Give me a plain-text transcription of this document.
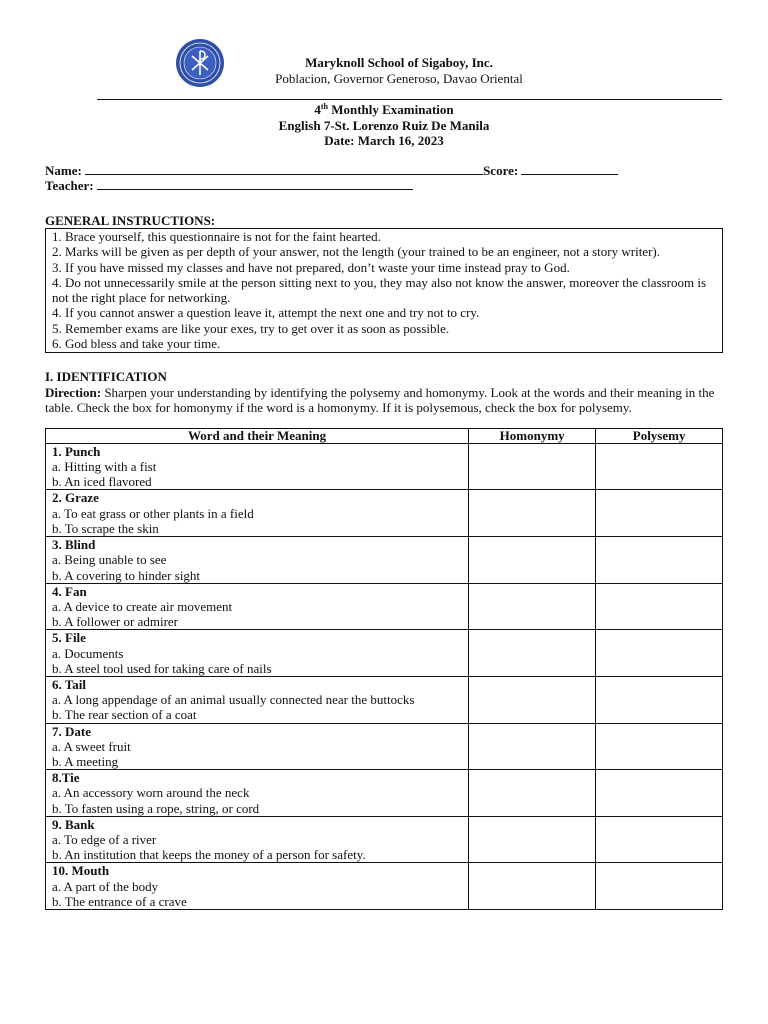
Maryknoll School of Sigaboy, Inc.
Poblacion, Governor Generoso, Davao Oriental
4th Monthly Examination
English 7-St. Lorenzo Ruiz De Manila
Date: March 16, 2023
Name:	Score:
Teacher:
GENERAL INSTRUCTIONS:
1. Brace yourself, this questionnaire is not for the faint hearted.
2. Marks will be given as per depth of your answer, not the length (your trained to be an engineer, not a story writer).
3. If you have missed my classes and have not prepared, don’t waste your time instead pray to God.
4. Do not unnecessarily smile at the person sitting next to you, they may also not know the answer, moreover the classroom is not the right place for networking.
4. If you cannot answer a question leave it, attempt the next one and try not to cry.
5. Remember exams are like your exes, try to get over it as soon as possible.
6. God bless and take your time.
I. IDENTIFICATION
Direction: Sharpen your understanding by identifying the polysemy and homonymy. Look at the words and their meaning in the table. Check the box for homonymy if the word is a homonymy. If it is polysemous, check the box for polysemy.
Word and their Meaning	Homonymy	Polysemy

1. Punch
a. Hitting with a fist
b. An iced flavored		

2. Graze
a. To eat grass or other plants in a field
b. To scrape the skin		

3. Blind
a. Being unable to see
b. A covering to hinder sight		

4. Fan
a. A device to create air movement
b. A follower or admirer		

5. File
a. Documents
b. A steel tool used for taking care of nails		

6. Tail
a. A long appendage of an animal usually connected near the buttocks
b. The rear section of a coat		

7. Date
a. A sweet fruit
b. A meeting		

8.Tie
a. An accessory worn around the neck
b. To fasten using a rope, string, or cord		

9. Bank
a. To edge of a river
b. An institution that keeps the money of a person for safety.		

10. Mouth
a. A part of the body
b. The entrance of a crave		
